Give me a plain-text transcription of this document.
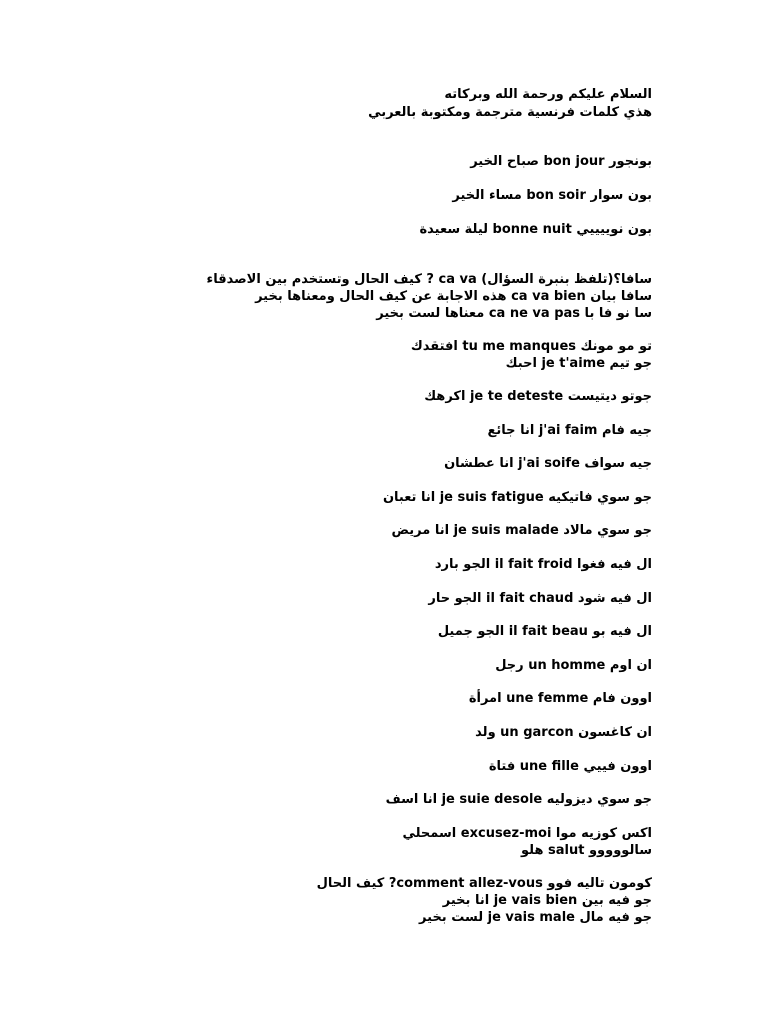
السلام عليكم ورحمة الله وبركاته
هذي كلمات فرنسية مترجمة ومكتوبة بالعربي
بونجور bon jour صباح الخير
بون سوار bon soir مساء الخير
بون نوييييي bonne nuit ليلة سعيدة
سافا؟(تلفظ بنبرة السؤال) ca va ? كيف الحال وتستخدم بين الاصدقاء
سافا بيان ca va bien هذه الاجابة عن كيف الحال ومعناها بخير
سا نو فا با ca ne va pas معناها لست بخير
تو مو مونك tu me manques افتقدك
جو تيم je t'aime احبك
جوتو ديتيست je te deteste اكرهك
جيه فام j'ai faim انا جائع
جيه سواف j'ai soife انا عطشان
جو سوي فاتيكيه je suis fatigue انا تعبان
جو سوي مالاد je suis malade انا مريض
ال فيه فغوا il fait froid الجو بارد
ال فيه شود il fait chaud الجو حار
ال فيه بو il fait beau الجو جميل
ان اوم un homme رجل
اوون فام une femme امرأة
ان كاغسون un garcon ولد
اوون فييي une fille فتاة
جو سوي ديزوليه je suie desole انا اسف
اكس كوزيه موا excusez-moi اسمحلي
سالووووو salut هلو
كومون تاليه فوو comment allez-vous? كيف الحال
جو فيه بين je vais bien انا بخير
جو فيه مال je vais male لست بخير
